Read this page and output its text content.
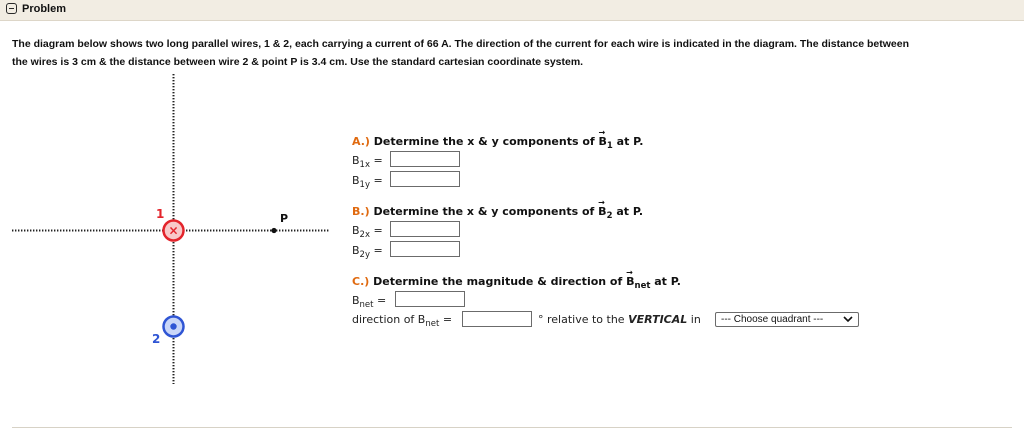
Problem
The diagram below shows two long parallel wires, 1 & 2, each carrying a current of 66 A. The direction of the current for each wire is indicated in the diagram. The distance between
the wires is 3 cm & the distance between wire 2 & point P is 3.4 cm. Use the standard cartesian coordinate system.
×
1
2
P
A.) Determine the x & y components of
→
$B_1$ at P.
$B_{1x}$ =
$B_{1y}$ =
B.) Determine the x & y components of
→
$B_2$ at P.
$B_{2x}$ =
$B_{2y}$ =
C.) Determine the magnitude & direction of
→
$B_{net}$ at P.
$B_{net}$ =
direction of $B_{net}$ =	° relative to the VERTICAL in --- Choose quadrant ---
